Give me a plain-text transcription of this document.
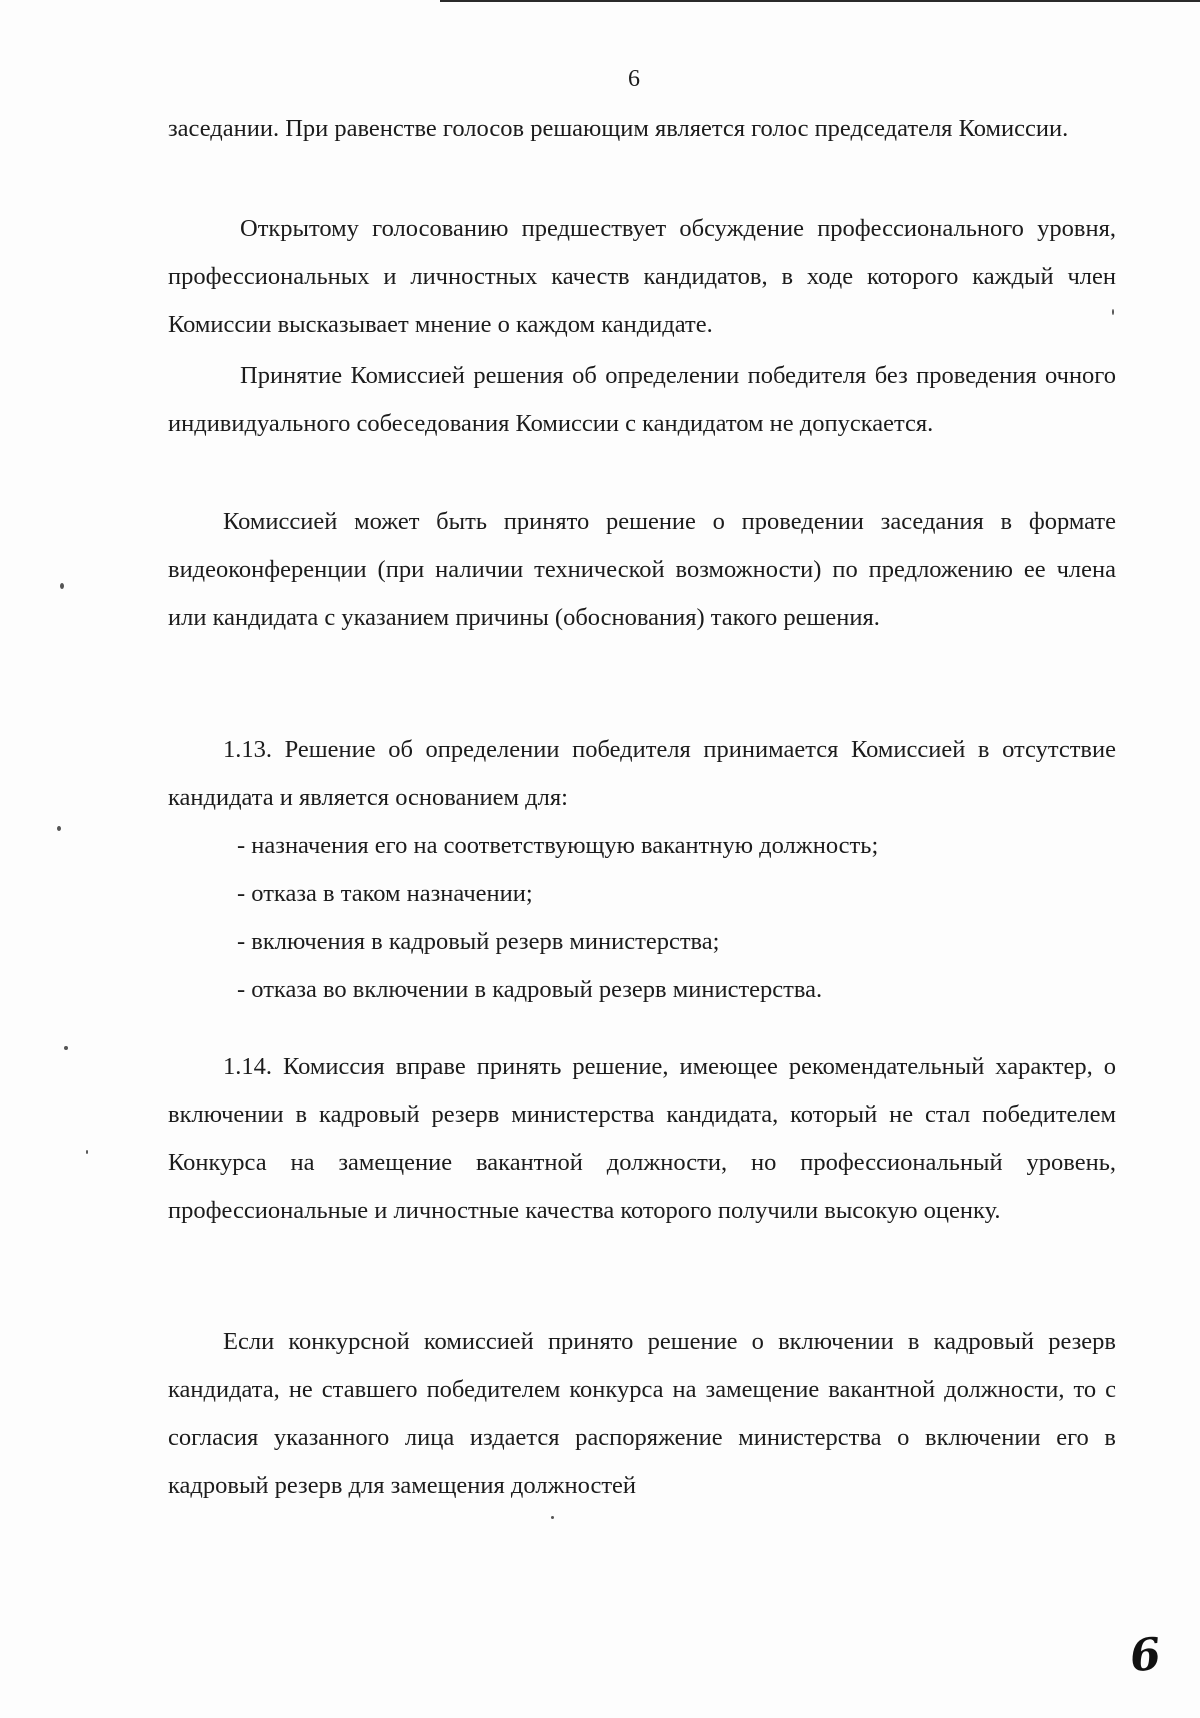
6

заседании. При равенстве голосов решающим является голос председателя Комиссии.

Открытому голосованию предшествует обсуждение профессионального уровня, профессиональных и личностных качеств кандидатов, в ходе которого каждый член Комиссии высказывает мнение о каждом кандидате.

Принятие Комиссией решения об определении победителя без проведения очного индивидуального собеседования Комиссии с кандидатом не допускается.

Комиссией может быть принято решение о проведении заседания в формате видеоконференции (при наличии технической возможности) по предложению ее члена или кандидата с указанием причины (обоснования) такого решения.

1.13. Решение об определении победителя принимается Комиссией в отсутствие кандидата и является основанием для:

- назначения его на соответствующую вакантную должность;
- отказа в таком назначении;
- включения в кадровый резерв министерства;
- отказа во включении в кадровый резерв министерства.

1.14. Комиссия вправе принять решение, имеющее рекомендательный характер, о включении в кадровый резерв министерства кандидата, который не стал победителем Конкурса на замещение вакантной должности, но профессиональный уровень, профессиональные и личностные качества которого получили высокую оценку.

Если конкурсной комиссией принято решение о включении в кадровый резерв кандидата, не ставшего победителем конкурса на замещение вакантной должности, то с согласия указанного лица издается распоряжение министерства о включении его в кадровый резерв для замещения должностей

6
